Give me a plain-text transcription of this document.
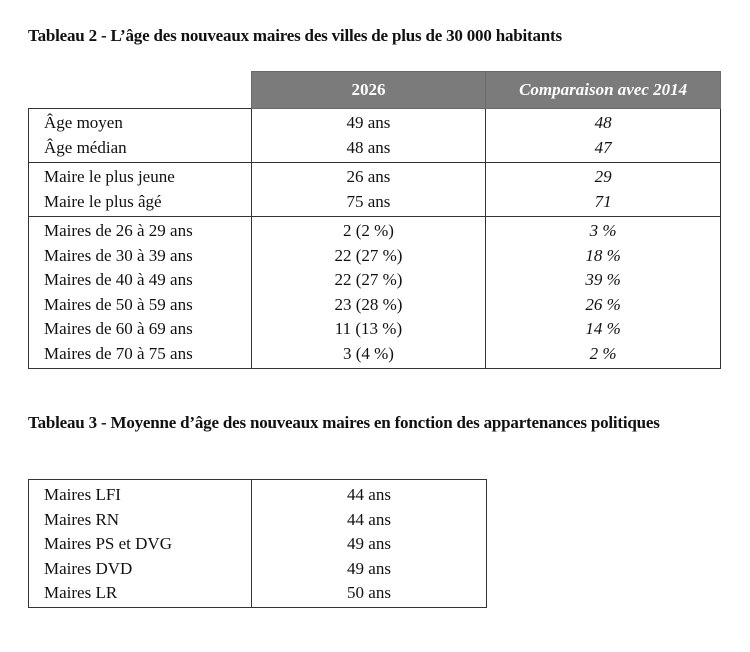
Tableau 2 - L’âge des nouveaux maires des villes de plus de 30 000 habitants
	2026	Comparaison avec 2014
Âge moyen	49 ans	48
Âge médian	48 ans	47
Maire le plus jeune	26 ans	29
Maire le plus âgé	75 ans	71
Maires de 26 à 29 ans	2 (2 %)	3 %
Maires de 30 à 39 ans	22 (27 %)	18 %
Maires de 40 à 49 ans	22 (27 %)	39 %
Maires de 50 à 59 ans	23 (28 %)	26 %
Maires de 60 à 69 ans	11 (13 %)	14 %
Maires de 70 à 75 ans	3 (4 %)	2 %
Tableau 3 - Moyenne d’âge des nouveaux maires en fonction des appartenances politiques
Maires LFI	44 ans
Maires RN	44 ans
Maires PS et DVG	49 ans
Maires DVD	49 ans
Maires LR	50 ans
